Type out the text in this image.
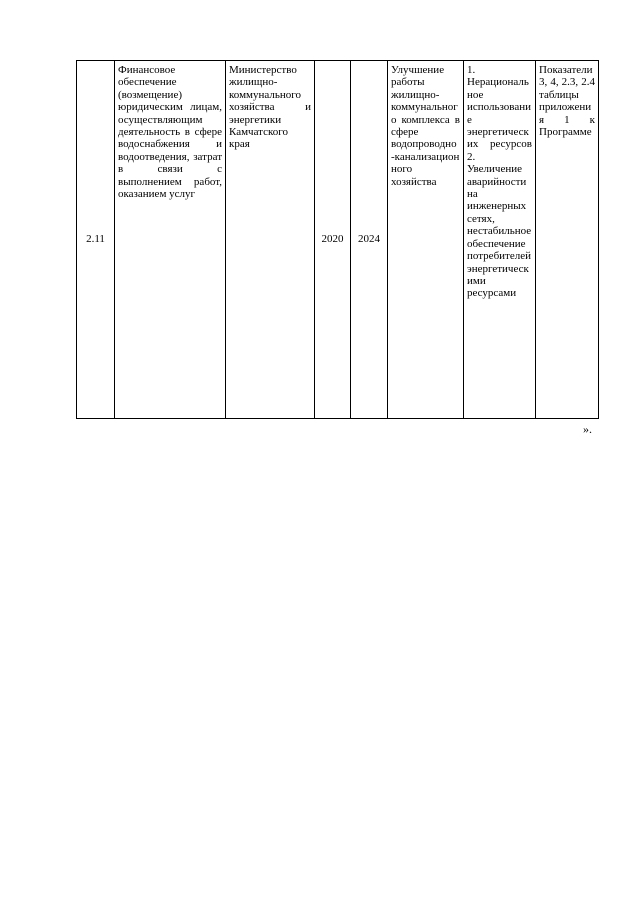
2.11	Финансовое обеспечение (возмещение) юридическим лицам, осуществляющим деятельность в сфере водоснабжения и водоотведения, затрат в связи с выполнением работ, оказанием услуг	Министерство жилищно-коммунального хозяйства и энергетики Камчатского края	2020	2024	Улучшение работы жилищно-коммунального комплекса в сфере водопроводно-канализационного хозяйства	1. Нерациональное использование энергетических ресурсов 2. Увеличение аварийности на инженерных сетях, нестабильное обеспечение потребителей энергетическими ресурсами	Показатели 3, 4, 2.3, 2.4 таблицы приложения 1 к Программе
».
